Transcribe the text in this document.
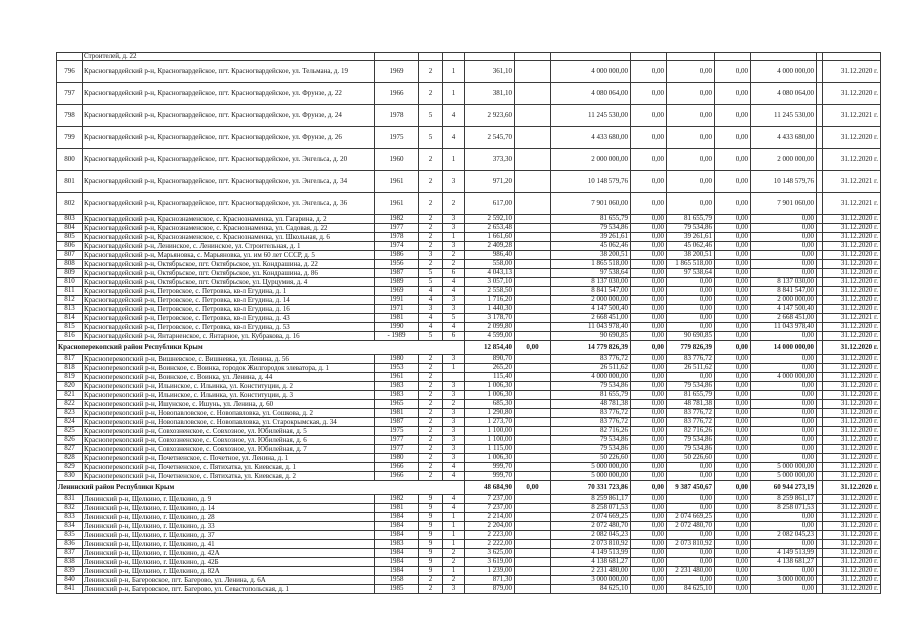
	Строителей, д. 22												
796	Красногвардейский р-н, Красногвардейское, пгт. Красногвардейское, ул. Тельмана, д. 19	1969	2	1	361,10		4 000 000,00	0,00	0,00	0,00	4 000 000,00		31.12.2020 г.
797	Красногвардейский р-н, Красногвардейское, пгт. Красногвардейское, ул. Фрунзе, д. 22	1966	2	1	381,10		4 080 064,00	0,00	0,00	0,00	4 080 064,00		31.12.2020 г.
798	Красногвардейский р-н, Красногвардейское, пгт. Красногвардейское, ул. Фрунзе, д. 24	1978	5	4	2 923,60		11 245 530,00	0,00	0,00	0,00	11 245 530,00		31.12.2021 г.
799	Красногвардейский р-н, Красногвардейское, пгт. Красногвардейское, ул. Фрунзе, д. 26	1975	5	4	2 545,70		4 433 680,00	0,00	0,00	0,00	4 433 680,00		31.12.2020 г.
800	Красногвардейский р-н, Красногвардейское, пгт. Красногвардейское, ул. Энгельса, д. 20	1960	2	1	373,30		2 000 000,00	0,00	0,00	0,00	2 000 000,00		31.12.2020 г.
801	Красногвардейский р-н, Красногвардейское, пгт. Красногвардейское, ул. Энгельса, д. 34	1961	2	3	971,20		10 148 579,76	0,00	0,00	0,00	10 148 579,76		31.12.2021 г.
802	Красногвардейский р-н, Красногвардейское, пгт. Красногвардейское, ул. Энгельса, д. 36	1961	2	2	617,00		7 901 060,00	0,00	0,00	0,00	7 901 060,00		31.12.2021 г.
803	Красногвардейский р-н, Краснознаменское, с. Краснознаменка, ул. Гагарина, д. 2	1982	2	3	2 592,10		81 655,79	0,00	81 655,79	0,00	0,00		31.12.2020 г.
804	Красногвардейский р-н, Краснознаменское, с. Краснознаменка, ул. Садовая, д. 22	1977	2	3	2 653,48		79 534,86	0,00	79 534,86	0,00	0,00		31.12.2020 г.
805	Красногвардейский р-н, Краснознаменское, с. Краснознаменка, ул. Школьная, д. 6	1978	2	1	1 661,60		39 261,61	0,00	39 261,61	0,00	0,00		31.12.2020 г.
806	Красногвардейский р-н, Ленинское, с. Ленинское, ул. Строительная, д. 1	1974	2	3	2 409,28		45 062,46	0,00	45 062,46	0,00	0,00		31.12.2020 г.
807	Красногвардейский р-н, Марьяновка, с. Марьяновка, ул. им 60 лет СССР, д. 5	1986	3	2	986,40		38 200,51	0,00	38 200,51	0,00	0,00		31.12.2020 г.
808	Красногвардейский р-н, Октябрьское, пгт. Октябрьское, ул. Кондрашина, д. 22	1956	2	2	558,00		1 865 518,00	0,00	1 865 518,00	0,00	0,00		31.12.2020 г.
809	Красногвардейский р-н, Октябрьское, пгт. Октябрьское, ул. Кондрашина, д. 86	1987	5	6	4 043,13		97 538,64	0,00	97 538,64	0,00	0,00		31.12.2020 г.
810	Красногвардейский р-н, Октябрьское, пгт. Октябрьское, ул. Цурцумия, д. 4	1989	5	4	3 057,10		8 137 030,00	0,00	0,00	0,00	8 137 030,00		31.12.2020 г.
811	Красногвардейский р-н, Петровское, с. Петровка, кв-л Егудина, д. 1	1969	4	4	2 558,50		8 841 547,00	0,00	0,00	0,00	8 841 547,00		31.12.2020 г.
812	Красногвардейский р-н, Петровское, с. Петровка, кв-л Егудина, д. 14	1991	4	3	1 716,20		2 000 000,00	0,00	0,00	0,00	2 000 000,00		31.12.2020 г.
813	Красногвардейский р-н, Петровское, с. Петровка, кв-л Егудина, д. 16	1971	3	3	1 440,30		4 147 500,40	0,00	0,00	0,00	4 147 500,40		31.12.2020 г.
814	Красногвардейский р-н, Петровское, с. Петровка, кв-л Егудина, д. 43	1981	4	5	3 178,70		2 668 451,00	0,00	0,00	0,00	2 668 451,00		31.12.2021 г.
815	Красногвардейский р-н, Петровское, с. Петровка, кв-л Егудина, д. 53	1990	4	4	2 099,80		11 043 978,40	0,00	0,00	0,00	11 043 978,40		31.12.2020 г.
816	Красногвардейский р-н, Янтарненское, с. Янтарное, ул. Кубракова, д. 16	- 1989	5	6	4 599,00		90 690,85	0,00	90 690,85	0,00	0,00		31.12.2020 г.
Красноперекопский район Республики Крым					12 854,40	0,00	14 779 826,39	0,00	779 826,39	0,00	14 000 000,00		31.12.2020 г.
817	Красноперекопский р-н, Вишневское, с. Вишневка, ул. Ленина, д. 56	1980	2	3	890,70		83 776,72	0,00	83 776,72	0,00	0,00		31.12.2020 г.
818	Красноперекопский р-н, Воинское, с. Воинка, городок Жилгородок элеватора, д. 1	1953	2	1	265,20		26 511,62	0,00	26 511,62	0,00	0,00		31.12.2020 г.
819	Красноперекопский р-н, Воинское, с. Воинка, ул. Ленина, д. 44	1961	2		115,40		4 000 000,00	0,00	0,00	0,00	4 000 000,00		31.12.2020 г.
820	Красноперекопский р-н, Ильинское, с. Ильинка, ул. Конституции, д. 2	1983	2	3	1 006,30		79 534,86	0,00	79 534,86	0,00	0,00		31.12.2020 г.
821	Красноперекопский р-н, Ильинское, с. Ильинка, ул. Конституции, д. 3	1983	2	3	1 006,30		81 655,79	0,00	81 655,79	0,00	0,00		31.12.2020 г.
822	Красноперекопский р-н, Ишунское, с. Ишунь, ул. Ленина, д. 60	1965	2	2	685,30		48 781,38	0,00	48 781,38	0,00	0,00		31.12.2020 г.
823	Красноперекопский р-н, Новопавловское, с. Новопавловка, ул. Сошкова, д. 2	1981	2	3	1 290,80		83 776,72	0,00	83 776,72	0,00	0,00		31.12.2020 г.
824	Красноперекопский р-н, Новопавловское, с. Новопавловка, ул. Старокрымская, д. 34	1987	2	3	1 273,70		83 776,72	0,00	83 776,72	0,00	0,00		31.12.2020 г.
825	Красноперекопский р-н, Совхозненское, с. Совхозное, ул. Юбилейная, д. 5	1975	2	3	1 100,00		82 716,26	0,00	82 716,26	0,00	0,00		31.12.2020 г.
826	Красноперекопский р-н, Совхозненское, с. Совхозное, ул. Юбилейная, д. 6	1977	2	3	1 100,00		79 534,86	0,00	79 534,86	0,00	0,00		31.12.2020 г.
827	Красноперекопский р-н, Совхозненское, с. Совхозное, ул. Юбилейная, д. 7	1977	2	3	1 115,00		79 534,86	0,00	79 534,86	0,00	0,00		31.12.2020 г.
828	Красноперекопский р-н, Почетненское, с. Почетное, ул. Ленина, д. 1	1980	2	3	1 006,30		50 226,60	0,00	50 226,60	0,00	0,00		31.12.2020 г.
829	Красноперекопский р-н, Почетненское, с. Пятихатка, ул. Киевская, д. 1	1966	2	4	999,70		5 000 000,00	0,00	0,00	0,00	5 000 000,00		31.12.2020 г.
830	Красноперекопский р-н, Почетненское, с. Пятихатка, ул. Киевская, д. 2	1966	2	4	999,70		5 000 000,00	0,00	0,00	0,00	5 000 000,00		31.12.2020 г.
Ленинский район Республики Крым					48 684,90	0,00	70 331 723,86	0,00	9 387 450,67	0,00	60 944 273,19		31.12.2020 г.
831	Ленинский р-н, Щелкино, г. Щелкино, д. 9	1982	9	4	7 237,00		8 259 861,17	0,00	0,00	0,00	8 259 861,17		31.12.2020 г.
832	Ленинский р-н, Щелкино, г. Щелкино, д. 14	1981	9	4	7 237,00		8 258 071,53	0,00	0,00	0,00	8 258 071,53		31.12.2020 г.
833	Ленинский р-н, Щелкино, г. Щелкино, д. 28	1984	9	1	2 214,00		2 074 669,25	0,00	2 074 669,25	0,00	0,00		31.12.2020 г.
834	Ленинский р-н, Щелкино, г. Щелкино, д. 33	1984	9	1	2 204,00		2 072 480,70	0,00	2 072 480,70	0,00	0,00		31.12.2020 г.
835	Ленинский р-н, Щелкино, г. Щелкино, д. 37	1984	9	1	2 223,00		2 082 045,23	0,00	0,00	0,00	2 082 045,23		31.12.2020 г.
836	Ленинский р-н, Щелкино, г. Щелкино, д. 41	1983	9	1	2 222,00		2 073 810,92	0,00	2 073 810,92	0,00	0,00		31.12.2020 г.
837	Ленинский р-н, Щелкино, г. Щелкино, д. 42А	1984	9	2	3 625,00		4 149 513,99	0,00	0,00	0,00	4 149 513,99		31.12.2020 г.
838	Ленинский р-н, Щелкино, г. Щелкино, д. 42Б	1984	9	2	3 619,00		4 138 681,27	0,00	0,00	0,00	4 138 681,27		31.12.2020 г.
839	Ленинский р-н, Щелкино, г. Щелкино, д. 82А	1984	9	1	1 239,00		2 231 480,00	0,00	2 231 480,00	0,00	0,00		31.12.2020 г.
840	Ленинский р-н, Багеровское, пгт. Багерово, ул. Ленина, д. 6А	1958	2	2	871,30		3 000 000,00	0,00	0,00	0,00	3 000 000,00		31.12.2020 г.
841	Ленинский р-н, Багеровское, пгт. Багерово, ул. Севастопольская, д. 1	1985	2	3	879,00		84 625,10	0,00	84 625,10	0,00	0,00		31.12.2020 г.
